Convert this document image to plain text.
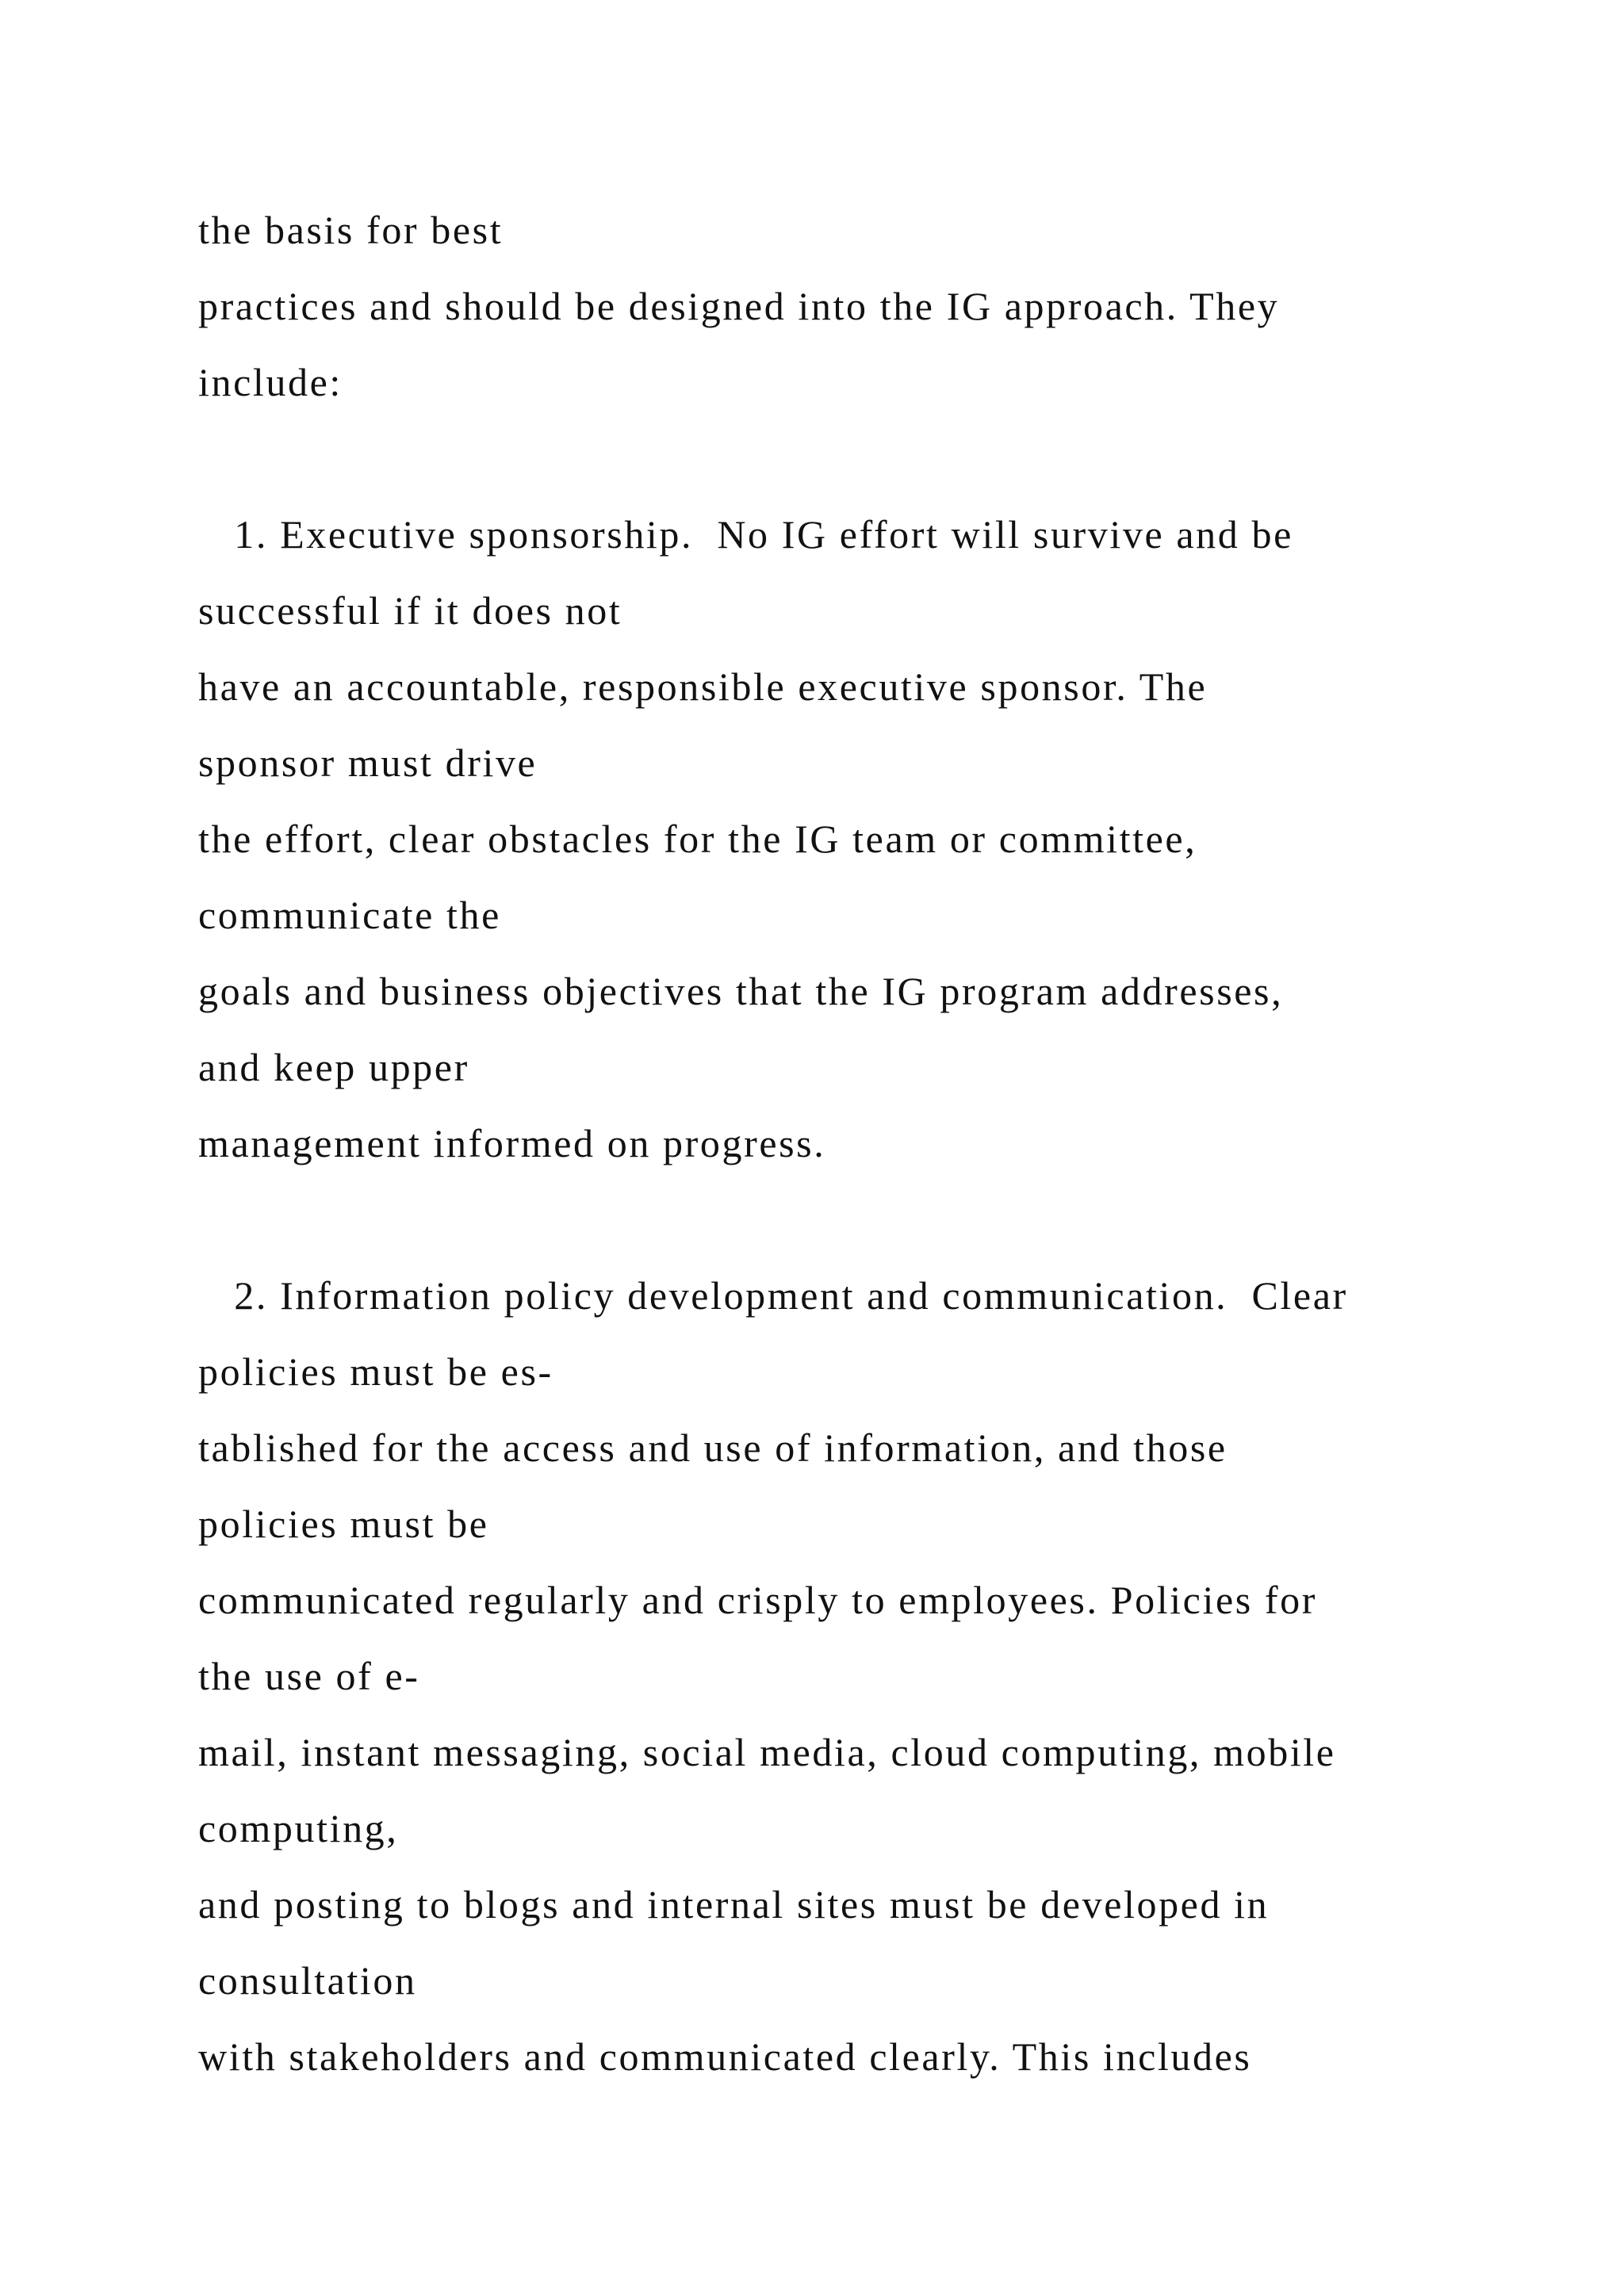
the basis for best
practices and should be designed into the IG approach. They
include:
1. Executive sponsorship.  No IG effort will survive and be
successful if it does not
have an accountable, responsible executive sponsor. The
sponsor must drive
the effort, clear obstacles for the IG team or committee,
communicate the
goals and business objectives that the IG program addresses,
and keep upper
management informed on progress.
2. Information policy development and communication.  Clear
policies must be es-
tablished for the access and use of information, and those
policies must be
communicated regularly and crisply to employees. Policies for
the use of e-
mail, instant messaging, social media, cloud computing, mobile
computing,
and posting to blogs and internal sites must be developed in
consultation
with stakeholders and communicated clearly. This includes
